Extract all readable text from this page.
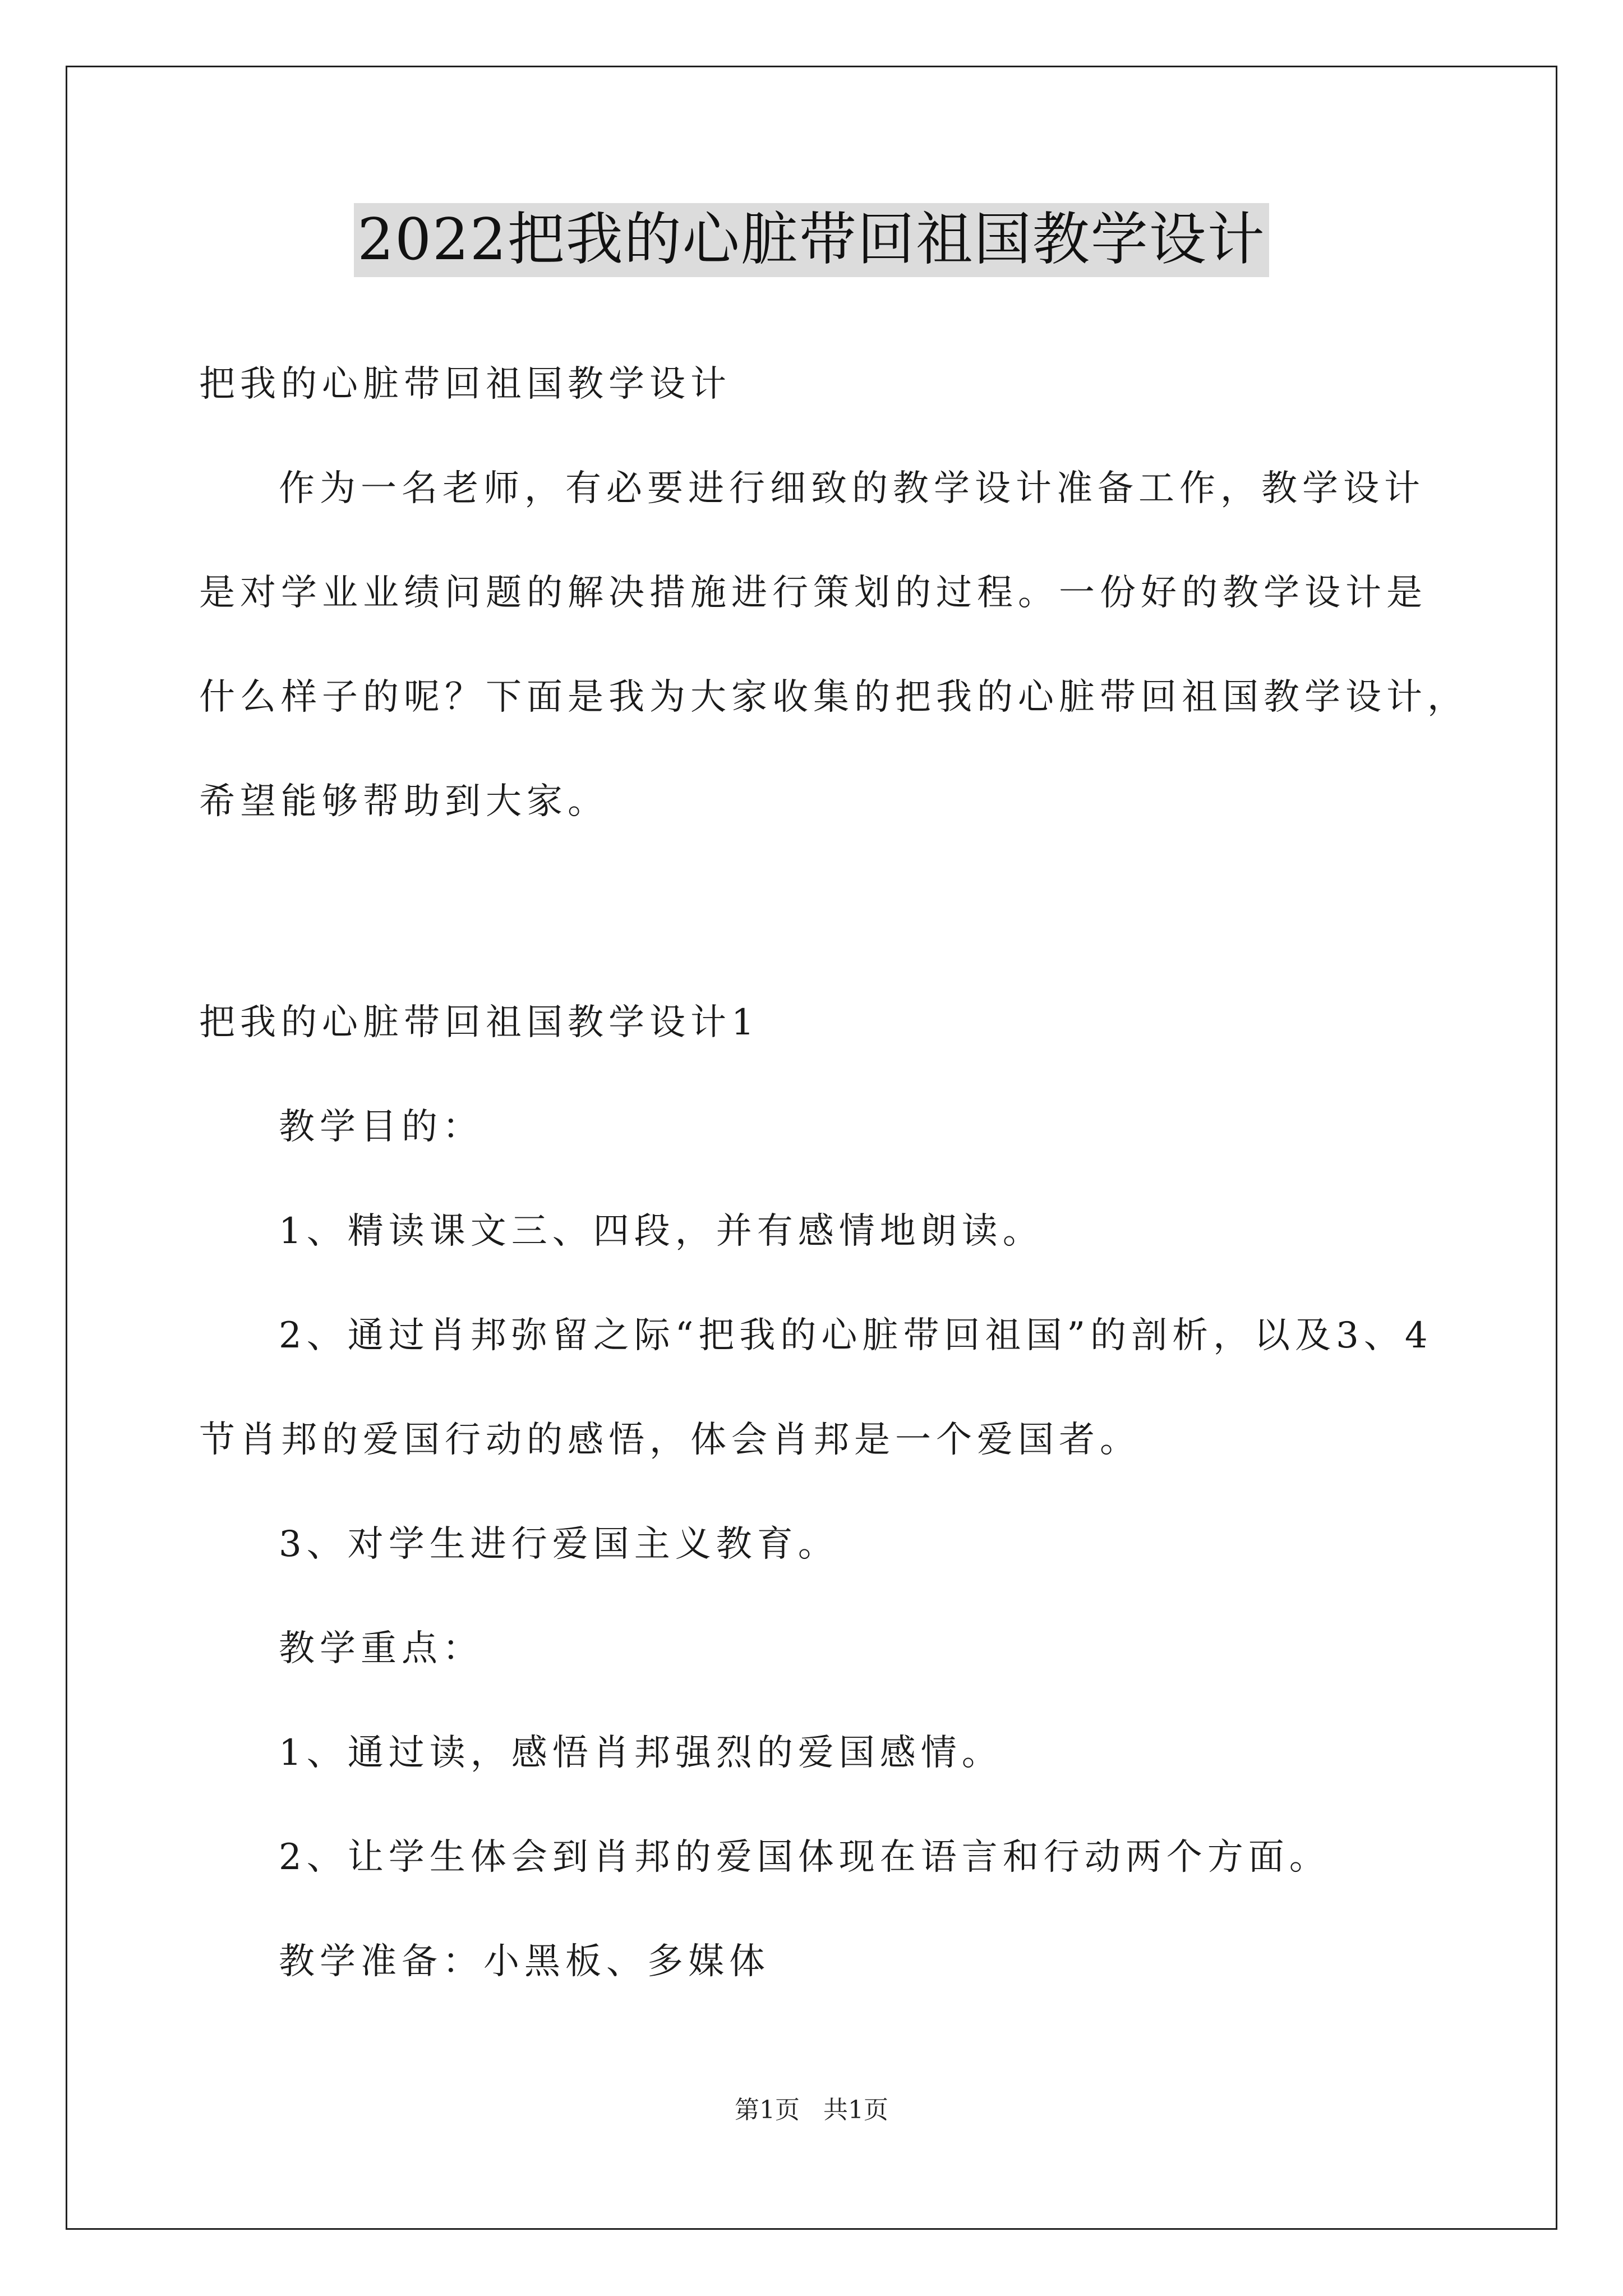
2022把我的心脏带回祖国教学设计
把我的心脏带回祖国教学设计
作为一名老师，有必要进行细致的教学设计准备工作，教学设计
是对学业业绩问题的解决措施进行策划的过程。一份好的教学设计是
什么样子的呢？下面是我为大家收集的把我的心脏带回祖国教学设计，
希望能够帮助到大家。
把我的心脏带回祖国教学设计1
教学目的：
1、精读课文三、四段，并有感情地朗读。
2、通过肖邦弥留之际“把我的心脏带回祖国”的剖析，以及3、4
节肖邦的爱国行动的感悟，体会肖邦是一个爱国者。
3、对学生进行爱国主义教育。
教学重点：
1、通过读，感悟肖邦强烈的爱国感情。
2、让学生体会到肖邦的爱国体现在语言和行动两个方面。
教学准备：小黑板、多媒体
第1页   共1页
